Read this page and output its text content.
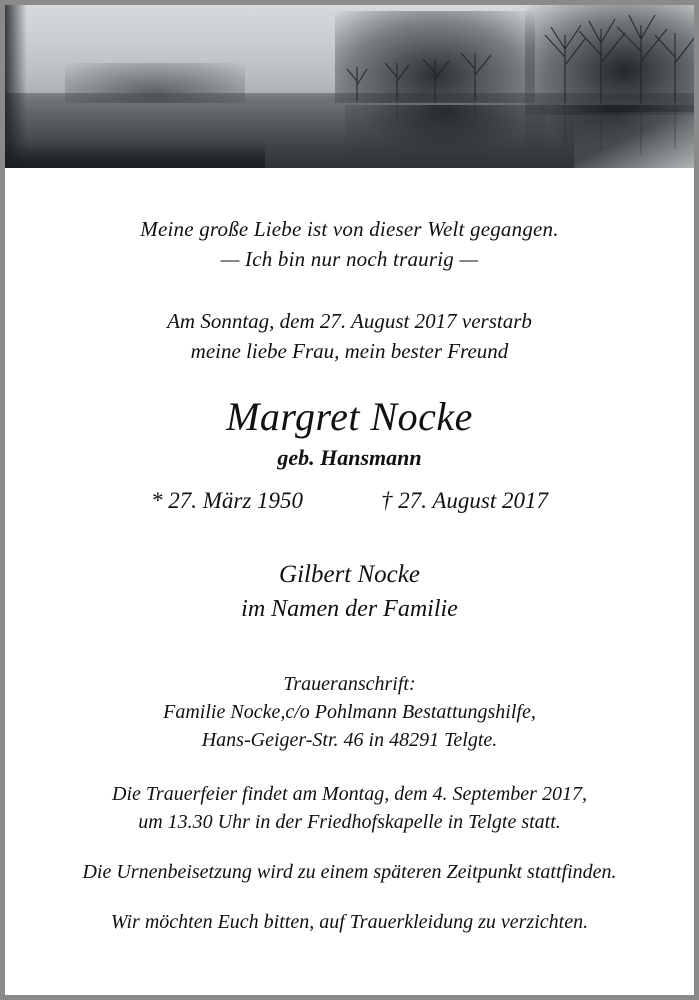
Meine große Liebe ist von dieser Welt gegangen.

— Ich bin nur noch traurig —

Am Sonntag, dem 27. August 2017 verstarb

meine liebe Frau, mein bester Freund

Margret Nocke

geb. Hansmann

* 27. März 1950	† 27. August 2017

Gilbert Nocke

im Namen der Familie

Traueranschrift:

Familie Nocke,c/o Pohlmann Bestattungshilfe,

Hans-Geiger-Str. 46 in 48291 Telgte.

Die Trauerfeier findet am Montag, dem 4. September 2017,

um 13.30 Uhr in der Friedhofskapelle in Telgte statt.

Die Urnenbeisetzung wird zu einem späteren Zeitpunkt stattfinden.

Wir möchten Euch bitten, auf Trauerkleidung zu verzichten.
